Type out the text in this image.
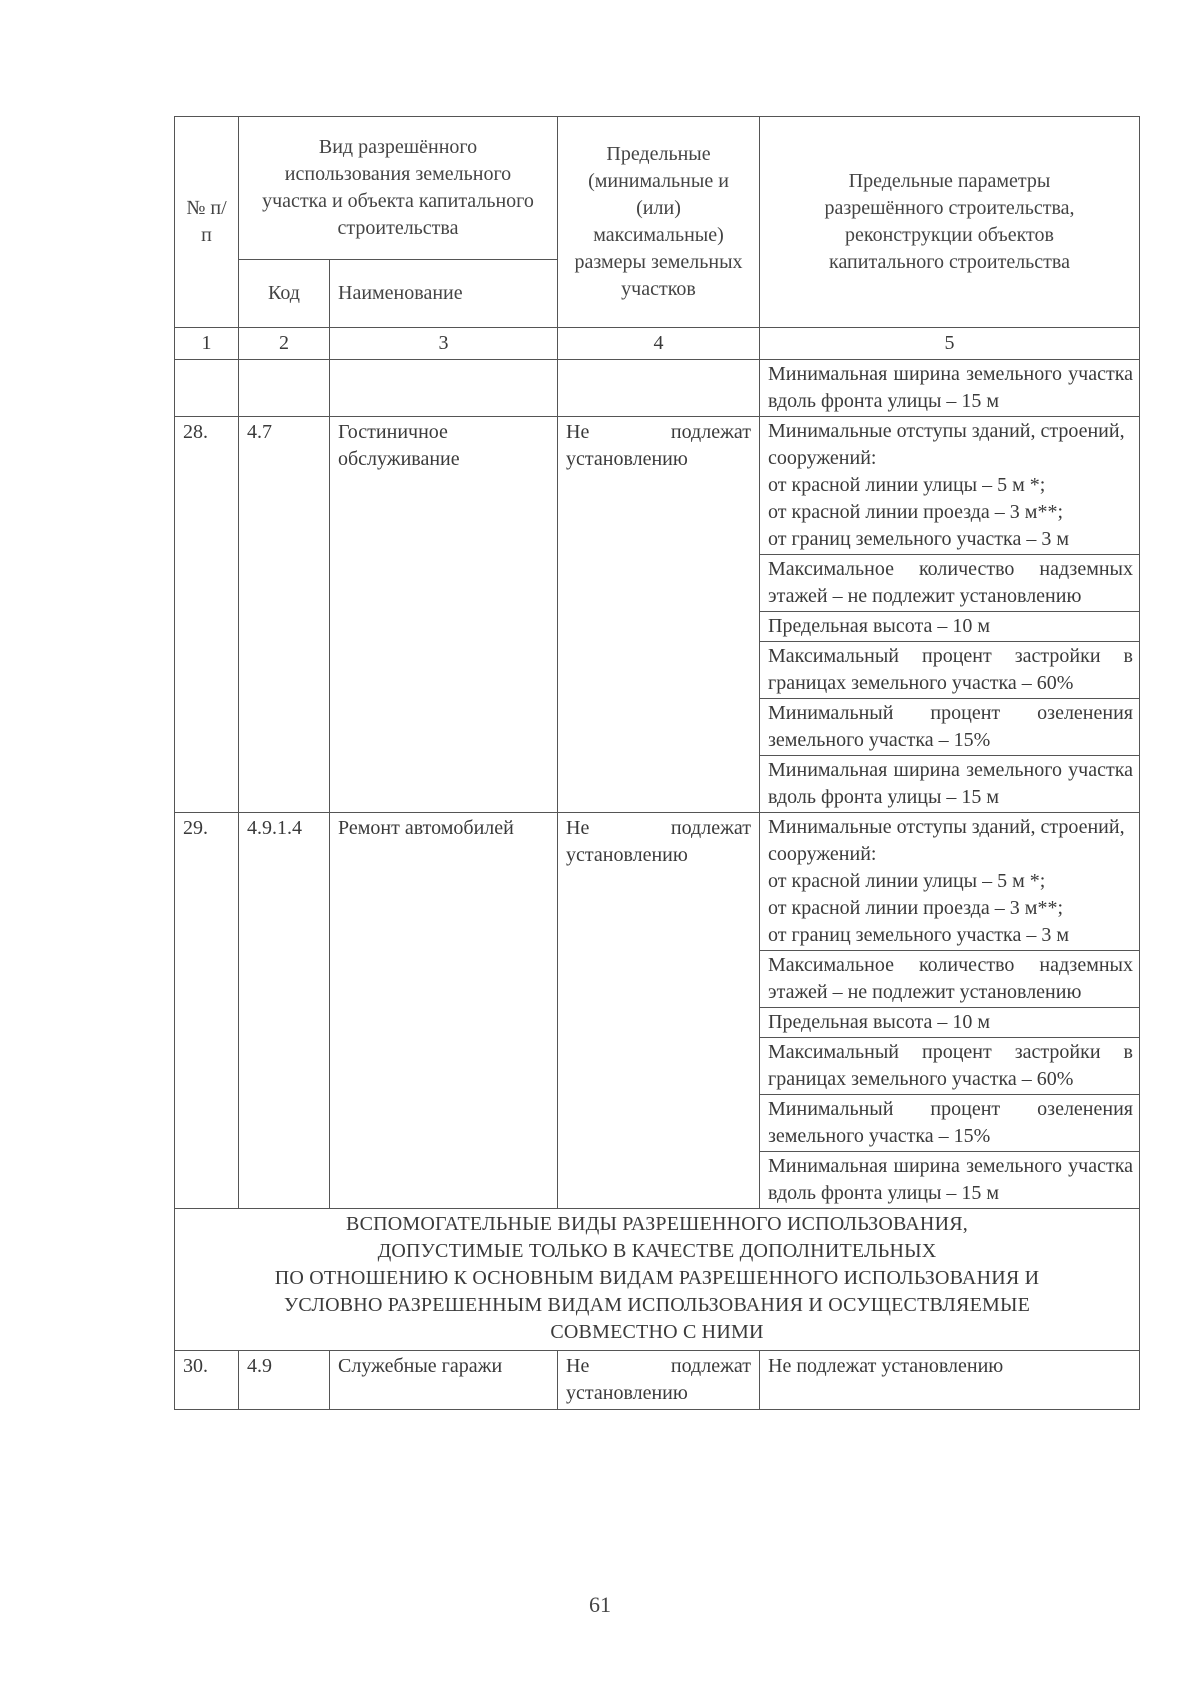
№ п/п	Вид разрешённого использования земельного участка и объекта капитального строительства		Предельные (минимальные и (или) максимальные) размеры земельных участков	Предельные параметры разрешённого строительства, реконструкции объектов капитального строительства
	Код	Наименование		
1	2	3	4	5
				Минимальная ширина земельного участка вдоль фронта улицы – 15 м
28.	4.7	Гостиничное обслуживание	Не подлежат установлению	Минимальные отступы зданий, строений, сооружений:
от красной линии улицы – 5 м *;
от красной линии проезда – 3 м**;
от границ земельного участка – 3 м

				Максимальное количество надземных этажей – не подлежит установлению
				Предельная высота – 10 м
				Максимальный процент застройки в границах земельного участка – 60%
				Минимальный процент озеленения земельного участка – 15%
				Минимальная ширина земельного участка вдоль фронта улицы – 15 м
29.	4.9.1.4	Ремонт автомобилей	Не подлежат установлению	Минимальные отступы зданий, строений, сооружений:
от красной линии улицы – 5 м *;
от красной линии проезда – 3 м**;
от границ земельного участка – 3 м

				Максимальное количество надземных этажей – не подлежит установлению
				Предельная высота – 10 м
				Максимальный процент застройки в границах земельного участка – 60%
				Минимальный процент озеленения земельного участка – 15%
				Минимальная ширина земельного участка вдоль фронта улицы – 15 м

ВСПОМОГАТЕЛЬНЫЕ ВИДЫ РАЗРЕШЕННОГО ИСПОЛЬЗОВАНИЯ,
ДОПУСТИМЫЕ ТОЛЬКО В КАЧЕСТВЕ ДОПОЛНИТЕЛЬНЫХ
ПО ОТНОШЕНИЮ К ОСНОВНЫМ ВИДАМ РАЗРЕШЕННОГО ИСПОЛЬЗОВАНИЯ И
УСЛОВНО РАЗРЕШЕННЫМ ВИДАМ ИСПОЛЬЗОВАНИЯ И ОСУЩЕСТВЛЯЕМЫЕ
СОВМЕСТНО С НИМИ				

30.	4.9	Служебные гаражи	Не подлежат установлению	Не подлежат установлению
61
